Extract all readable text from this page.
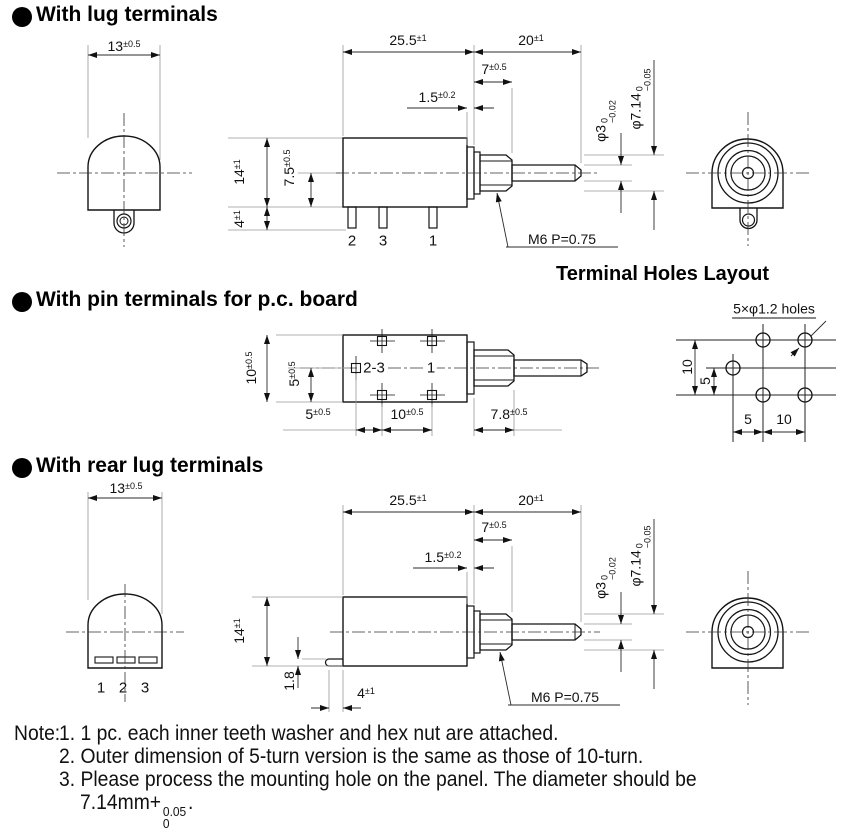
With lug terminals
Terminal Holes Layout
With pin terminals for p.c. board
With rear lug terminals
$13^{\pm 0.5}$	$25.5^{\pm 1}$	$20^{\pm 1}$
$7^{\pm 0.5}$
$1.5^{\pm 0.2}$
$14^{\pm 1}$
$7.5^{\pm 0.5}$
$4^{\pm 1}$
φ3
0
−0.02 φ7.14
0
−0.05
M6 P=0.75
2 3	1
$10^{\pm 0.5}$
$5^{\pm 0.5}$
$5^{\pm 0.5}$	$10^{\pm 0.5}$	$7.8^{\pm 0.5}$
2-3	1
5×φ1.2 holes
10
5
5 10
$13^{\pm 0.5}$
$25.5^{\pm 1}$	$20^{\pm 1}$
$7^{\pm 0.5}$
$1.5^{\pm 0.2}$
$14^{\pm 1}$
1.8
$4^{\pm 1}$
φ3
0
−0.02 φ7.14
0
−0.05
M6 P=0.75
1 2 3
Note:
1. 1 pc. each inner teeth washer and hex nut are attached.
2. Outer dimension of 5-turn version is the same as those of 10-turn.
3. Please process the mounting hole on the panel. The diameter should be
7.14mm+ 0.05
0
.
